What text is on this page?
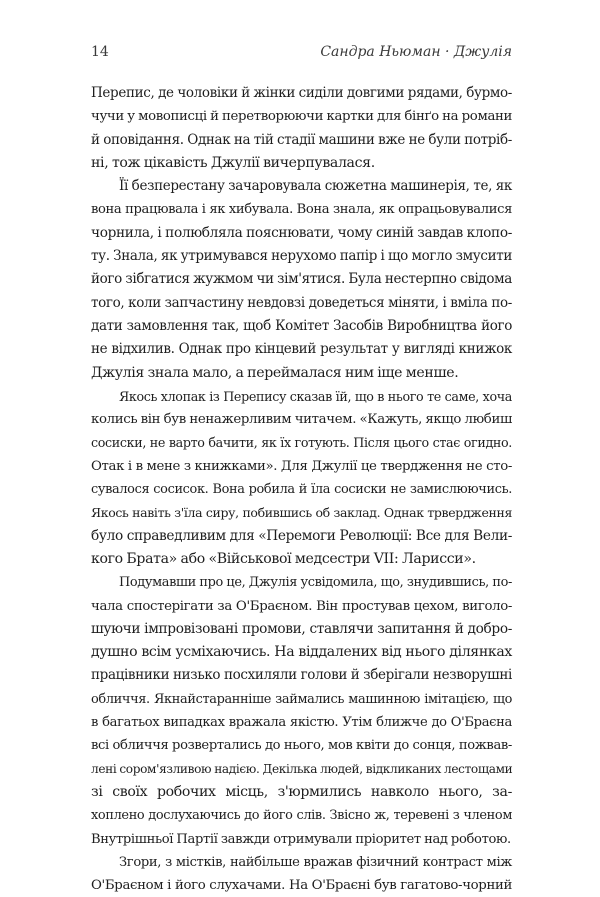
14	Сандра Ньюман · Джулія
Перепис, де чоловіки й жінки сиділи довгими рядами, бурмо-
чучи у мовописці й перетворюючи картки для бінґо на романи
й оповідання. Однак на тій стадії машини вже не були потріб-
ні, тож цікавість Джулії вичерпувалася.
Її безперестану зачаровувала сюжетна машинерія, те, як
вона працювала і як хибувала. Вона знала, як опрацьовувалися
чорнила, і полюбляла пояснювати, чому синій завдав клопо-
ту. Знала, як утримувався нерухомо папір і що могло змусити
його зібгатися жужмом чи зім'ятися. Була нестерпно свідома
того, коли запчастину невдовзі доведеться міняти, і вміла по-
дати замовлення так, щоб Комітет Засобів Виробництва його
не відхилив. Однак про кінцевий результат у вигляді книжок
Джулія знала мало, а переймалася ним іще менше.
Якось хлопак із Перепису сказав їй, що в нього те саме, хоча
колись він був ненажерливим читачем. «Кажуть, якщо любиш
сосиски, не варто бачити, як їх готують. Після цього стає огидно.
Отак і в мене з книжками». Для Джулії це твердження не сто-
сувалося сосисок. Вона робила й їла сосиски не замислюючись.
Якось навіть з'їла сиру, побившись об заклад. Однак трвердження
було справедливим для «Перемоги Революції: Все для Вели-
кого Брата» або «Військової медсестри VII: Ларисси».
Подумавши про це, Джулія усвідомила, що, знудившись, по-
чала спостерігати за О'Браєном. Він простував цехом, виголо-
шуючи імпровізовані промови, ставлячи запитання й добро-
душно всім усміхаючись. На віддалених від нього ділянках
працівники низько посхиляли голови й зберігали незворушні
обличчя. Якнайстаранніше займались машинною імітацією, що
в багатьох випадках вражала якістю. Утім ближче до О'Браєна
всі обличчя розвертались до нього, мов квіти до сонця, пожвав-
лені сором'язливою надією. Декілька людей, відкликаних лестощами
зі своїх робочих місць, з'юрмились навколо нього, за-
хоплено дослухаючись до його слів. Звісно ж, теревені з членом
Внутрішньої Партії завжди отримували пріоритет над роботою.
Згори, з містків, найбільше вражав фізичний контраст між
О'Браєном і його слухачами. На О'Браєні був гагатово-чорний
